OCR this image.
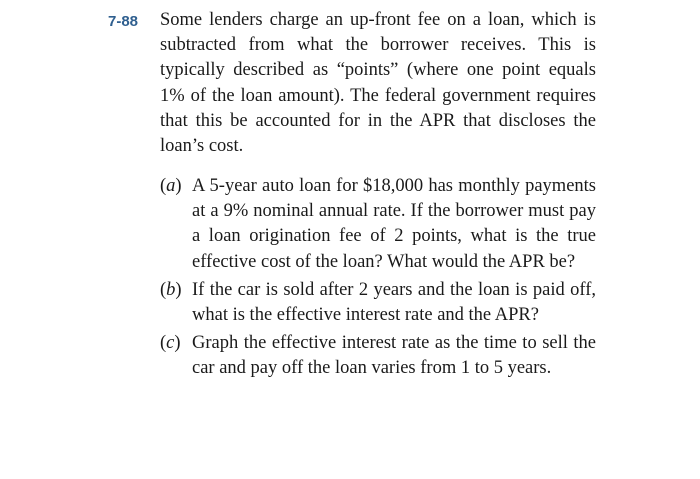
7-88 Some lenders charge an up-front fee on a loan, which is subtracted from what the borrower receives. This is typically described as “points” (where one point equals 1% of the loan amount). The federal government requires that this be accounted for in the APR that discloses the loan’s cost.

(a) A 5-year auto loan for $18,000 has monthly payments at a 9% nominal annual rate. If the borrower must pay a loan origination fee of 2 points, what is the true effective cost of the loan? What would the APR be?
(b) If the car is sold after 2 years and the loan is paid off, what is the effective interest rate and the APR?
(c) Graph the effective interest rate as the time to sell the car and pay off the loan varies from 1 to 5 years.
